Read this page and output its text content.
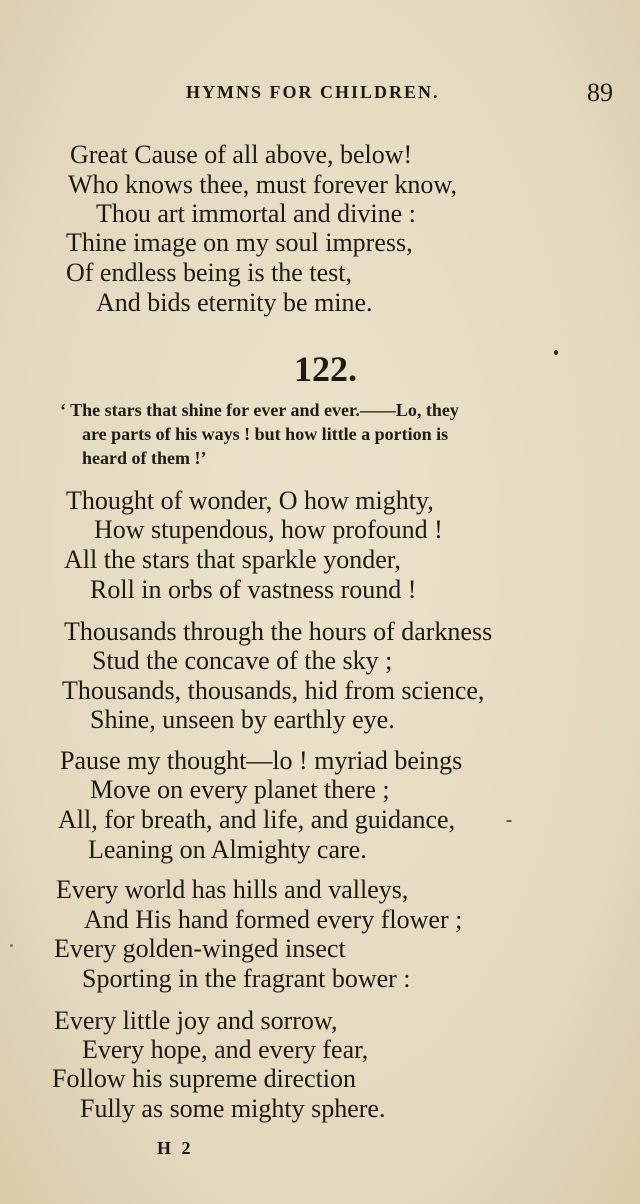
HYMNS FOR CHILDREN.	89
Great Cause of all above, below!
Who knows thee, must forever know,
Thou art immortal and divine :
Thine image on my soul impress,
Of endless being is the test,
And bids eternity be mine.
122.
‘ The stars that shine for ever and ever.——Lo, they
are parts of his ways ! but how little a portion is
heard of them !’
Thought of wonder, O how mighty,
How stupendous, how profound !
All the stars that sparkle yonder,
Roll in orbs of vastness round !
Thousands through the hours of darkness
Stud the concave of the sky ;
Thousands, thousands, hid from science,
Shine, unseen by earthly eye.
Pause my thought—lo ! myriad beings
Move on every planet there ;
All, for breath, and life, and guidance,
Leaning on Almighty care.
Every world has hills and valleys,
And His hand formed every flower ;
Every golden-winged insect
Sporting in the fragrant bower :
Every little joy and sorrow,
Every hope, and every fear,
Follow his supreme direction
Fully as some mighty sphere.
H 2
